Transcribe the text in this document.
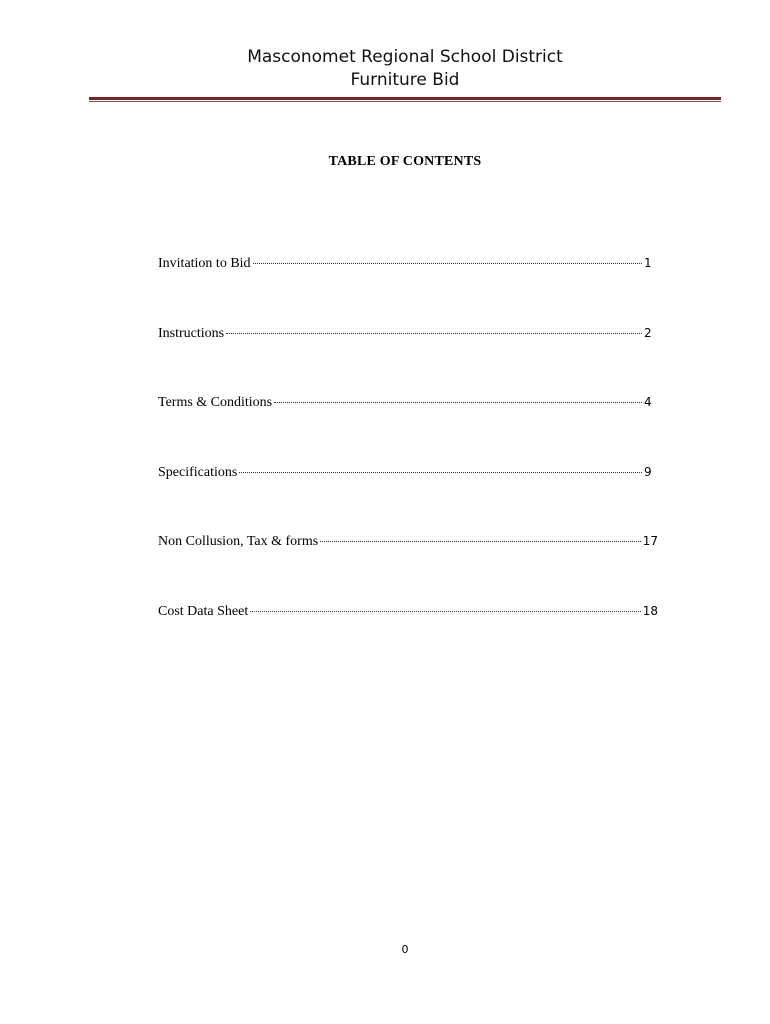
Masconomet Regional School District
Furniture Bid
TABLE OF CONTENTS
Invitation to Bid	1
Instructions	2
Terms & Conditions	4
Specifications	9
Non Collusion, Tax & forms	17
Cost Data Sheet	18
0
